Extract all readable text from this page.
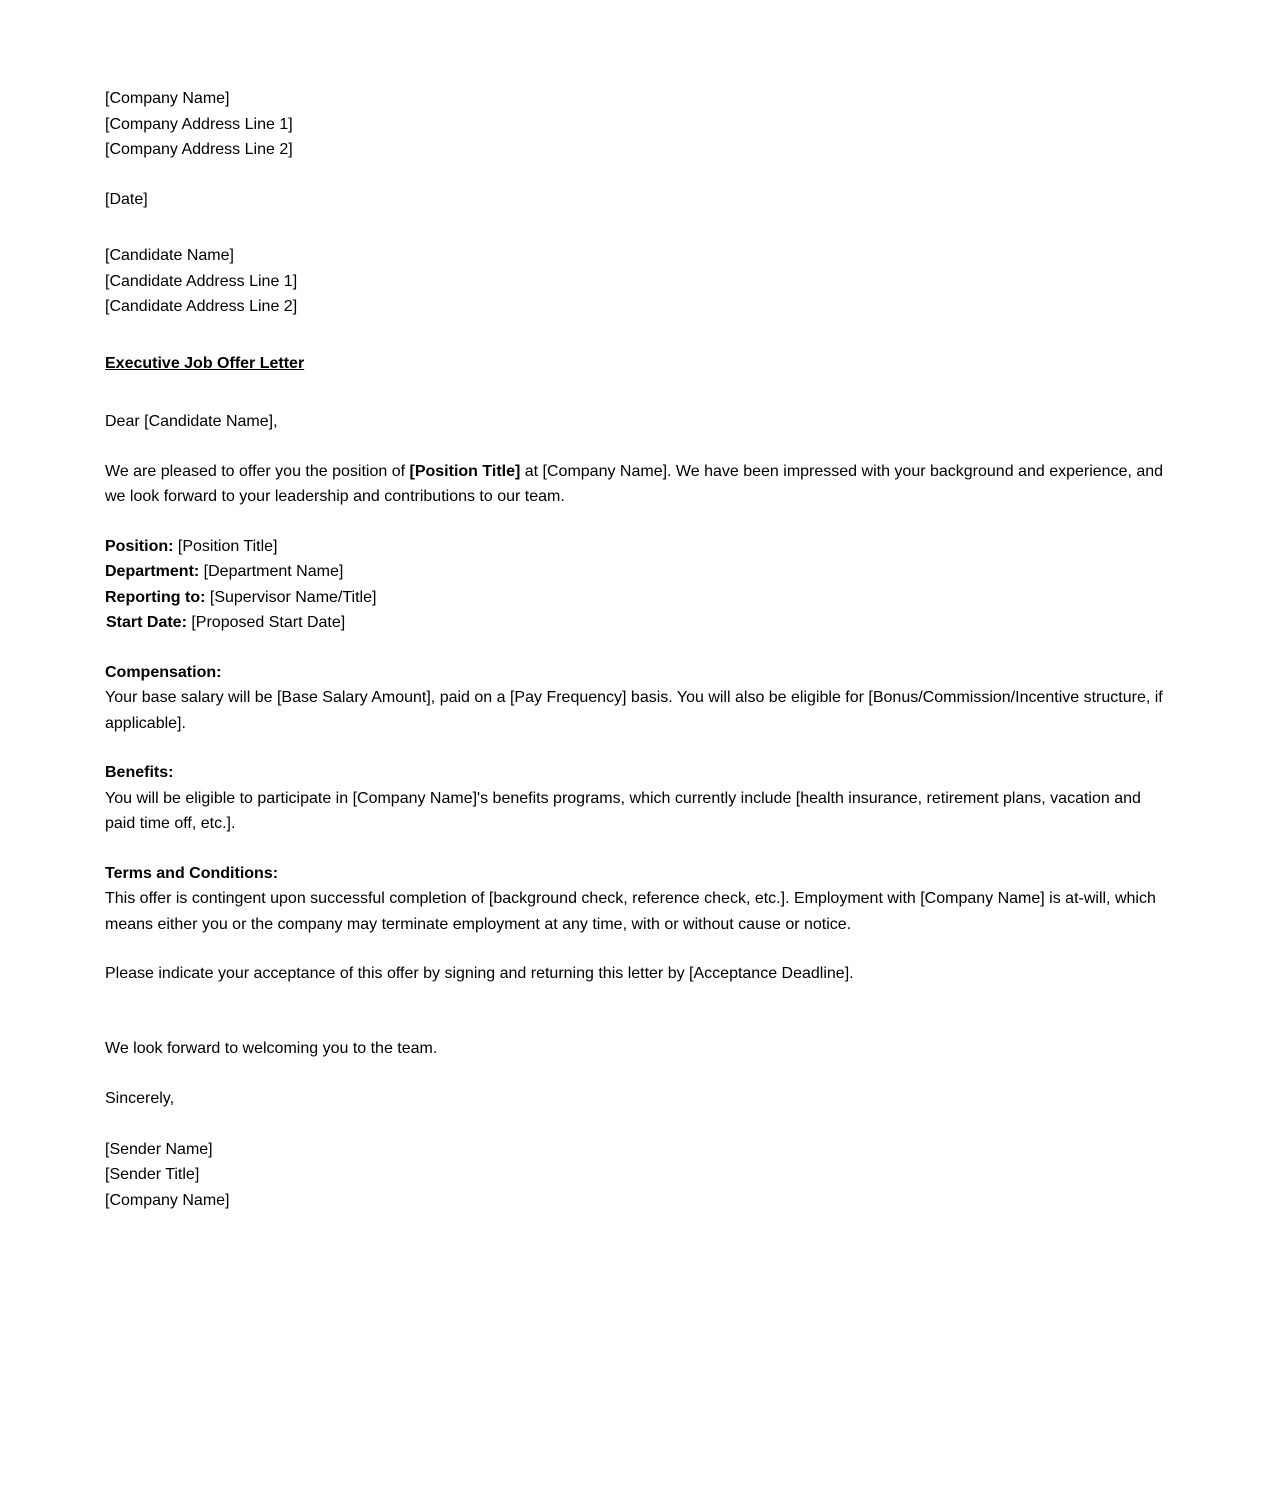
[Company Name]
[Company Address Line 1]
[Company Address Line 2]
[Date]
[Candidate Name]
[Candidate Address Line 1]
[Candidate Address Line 2]
Executive Job Offer Letter
Dear [Candidate Name],
We are pleased to offer you the position of [Position Title] at [Company Name]. We have been impressed with your background and experience, and we look forward to your leadership and contributions to our team.
Position: [Position Title]
Department: [Department Name]
Reporting to: [Supervisor Name/Title]
Start Date: [Proposed Start Date]
Compensation:
Your base salary will be [Base Salary Amount], paid on a [Pay Frequency] basis. You will also be eligible for [Bonus/Commission/Incentive structure, if applicable].
Benefits:
You will be eligible to participate in [Company Name]'s benefits programs, which currently include [health insurance, retirement plans, vacation and paid time off, etc.].
Terms and Conditions:
This offer is contingent upon successful completion of [background check, reference check, etc.]. Employment with [Company Name] is at-will, which means either you or the company may terminate employment at any time, with or without cause or notice.
Please indicate your acceptance of this offer by signing and returning this letter by [Acceptance Deadline].
We look forward to welcoming you to the team.
Sincerely,
[Sender Name]
[Sender Title]
[Company Name]
